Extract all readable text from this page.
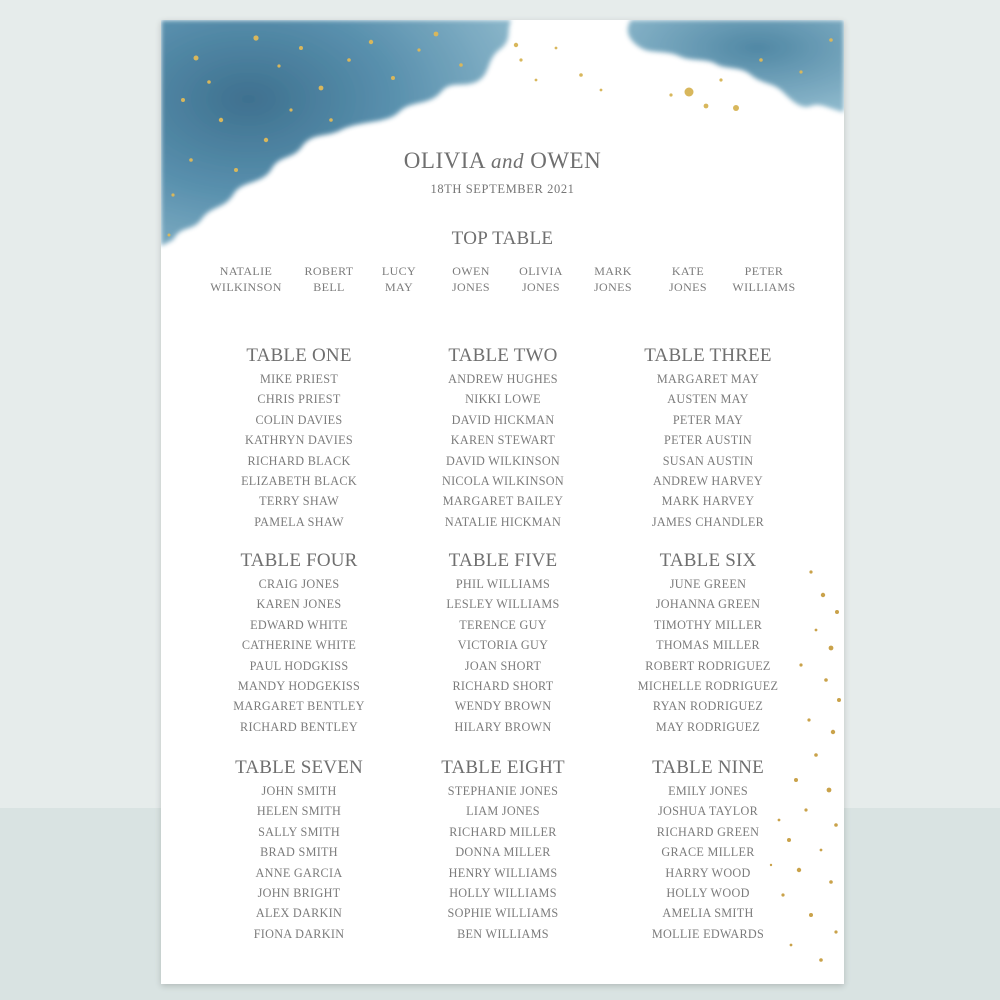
OLIVIA and OWEN
18TH SEPTEMBER 2021
TOP TABLE
NATALIE
WILKINSON
ROBERT
BELL
LUCY
MAY
OWEN
JONES
OLIVIA
JONES
MARK
JONES
KATE
JONES
PETER
WILLIAMS
TABLE ONE
MIKE PRIEST
CHRIS PRIEST
COLIN DAVIES
KATHRYN DAVIES
RICHARD BLACK
ELIZABETH BLACK
TERRY SHAW
PAMELA SHAW
TABLE TWO
ANDREW HUGHES
NIKKI LOWE
DAVID HICKMAN
KAREN STEWART
DAVID WILKINSON
NICOLA WILKINSON
MARGARET BAILEY
NATALIE HICKMAN
TABLE THREE
MARGARET MAY
AUSTEN MAY
PETER MAY
PETER AUSTIN
SUSAN AUSTIN
ANDREW HARVEY
MARK HARVEY
JAMES CHANDLER
TABLE FOUR
CRAIG JONES
KAREN JONES
EDWARD WHITE
CATHERINE WHITE
PAUL HODGKISS
MANDY HODGEKISS
MARGARET BENTLEY
RICHARD BENTLEY
TABLE FIVE
PHIL WILLIAMS
LESLEY WILLIAMS
TERENCE GUY
VICTORIA GUY
JOAN SHORT
RICHARD SHORT
WENDY BROWN
HILARY BROWN
TABLE SIX
JUNE GREEN
JOHANNA GREEN
TIMOTHY MILLER
THOMAS MILLER
ROBERT RODRIGUEZ
MICHELLE RODRIGUEZ
RYAN RODRIGUEZ
MAY RODRIGUEZ
TABLE SEVEN
JOHN SMITH
HELEN SMITH
SALLY SMITH
BRAD SMITH
ANNE GARCIA
JOHN BRIGHT
ALEX DARKIN
FIONA DARKIN
TABLE EIGHT
STEPHANIE JONES
LIAM JONES
RICHARD MILLER
DONNA MILLER
HENRY WILLIAMS
HOLLY WILLIAMS
SOPHIE WILLIAMS
BEN WILLIAMS
TABLE NINE
EMILY JONES
JOSHUA TAYLOR
RICHARD GREEN
GRACE MILLER
HARRY WOOD
HOLLY WOOD
AMELIA SMITH
MOLLIE EDWARDS
